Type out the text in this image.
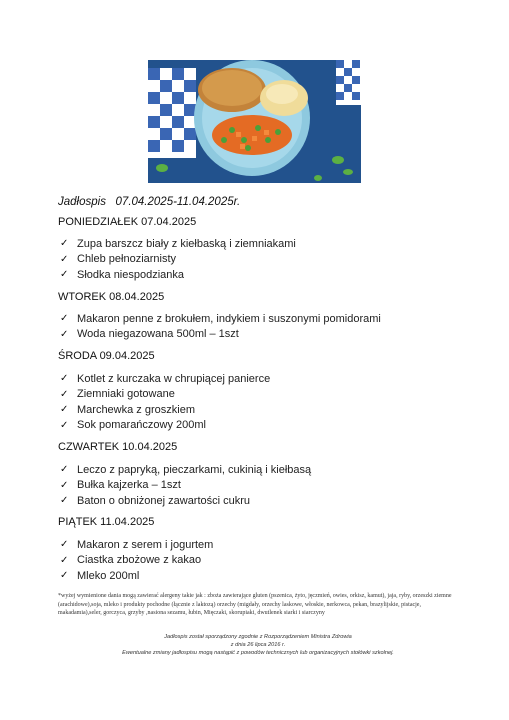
Jadłospis   07.04.2025-11.04.2025r.
PONIEDZIAŁEK 07.04.2025
✓ Zupa barszcz biały z kiełbaską i ziemniakami
✓ Chleb pełnoziarnisty
✓ Słodka niespodzianka
WTOREK 08.04.2025
✓ Makaron penne z brokułem, indykiem i suszonymi pomidorami
✓ Woda niegazowana 500ml – 1szt
ŚRODA 09.04.2025
✓ Kotlet z kurczaka w chrupiącej panierce
✓ Ziemniaki gotowane
✓ Marchewka z groszkiem
✓ Sok pomarańczowy 200ml
CZWARTEK 10.04.2025
✓ Leczo z papryką, pieczarkami, cukinią i kiełbasą
✓ Bułka kajzerka – 1szt
✓ Baton o obniżonej zawartości cukru
PIĄTEK 11.04.2025
✓ Makaron z serem i jogurtem
✓ Ciastka zbożowe z kakao
✓ Mleko 200ml
*wyżej wymienione dania mogą zawierać alergeny takie jak : zboża zawierające gluten (pszenica, żyto, jęczmień, owies, orkisz, kamut), jaja, ryby, orzeszki ziemne (arachidowe),soja, mleko i produkty pochodne (łącznie z laktozą) orzechy (migdały, orzechy laskowe, włoskie, nerkowca, pekan, brazylijskie, pistacje, makadamia),seler, gorczyca, grzyby ,nasiona sezamu, łubin, Mięczaki, skorupiaki, dwutlenek siarki i siarczyny
Jadłospis został sporządzony zgodnie z Rozporządzeniem Ministra Zdrowia
z dnia 26 lipca 2016 r.
Ewentualne zmiany jadłospisu mogą nastąpić z powodów technicznych lub organizacyjnych stołówki szkolnej.
